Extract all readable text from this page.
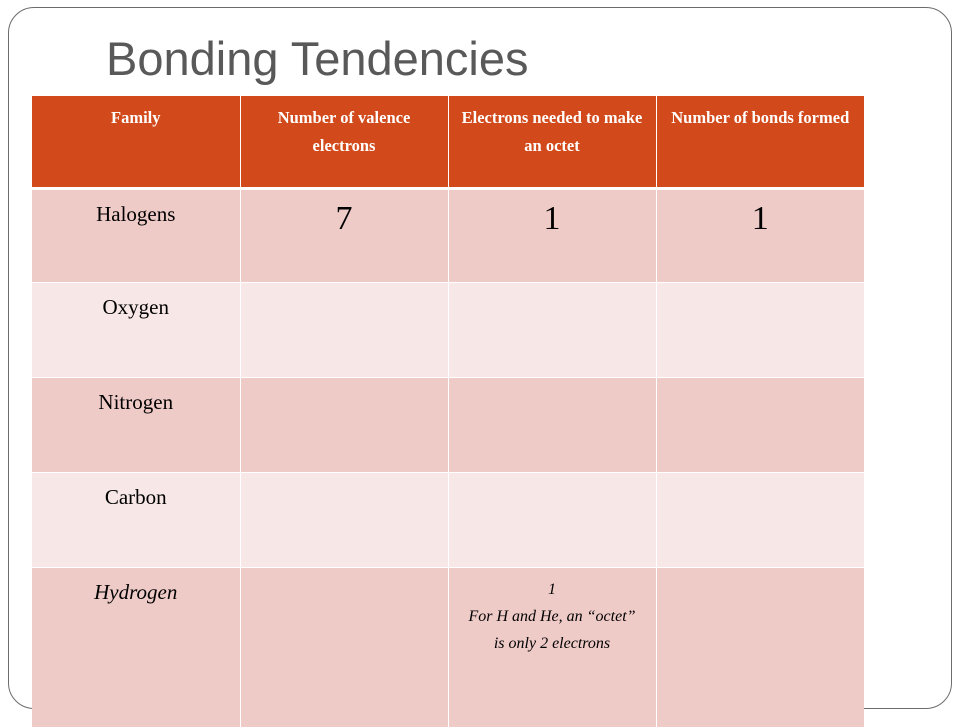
Bonding Tendencies
Family	Number of valence electrons	Electrons needed to make an octet	Number of bonds formed
Halogens	7	1	1
Oxygen			
Nitrogen			
Carbon			
Hydrogen		1
For H and He, an “octet” is only 2 electrons	
